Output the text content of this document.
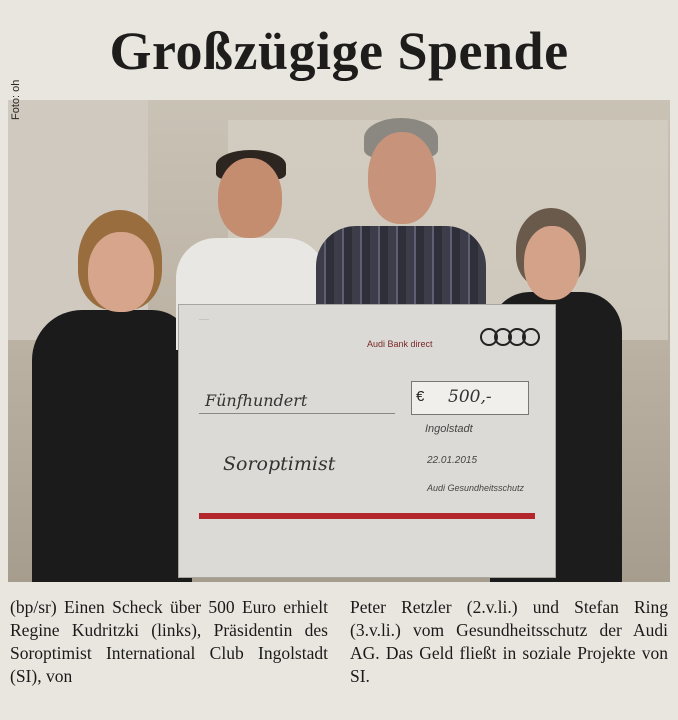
Großzügige Spende
·····
Audi Bank direct
Fünfhundert	€ 500,-
Ingolstadt
22.01.2015
Soroptimist
Audi Gesundheitsschutz
Foto: oh
(bp/sr) Einen Scheck über 500 Euro erhielt Regine Kudritzki (links), Präsidentin des Soroptimist International Club Ingolstadt (SI), von
Peter Retzler (2.v.li.) und Stefan Ring (3.v.li.) vom Gesundheitsschutz der Audi AG. Das Geld fließt in soziale Projekte von SI.
